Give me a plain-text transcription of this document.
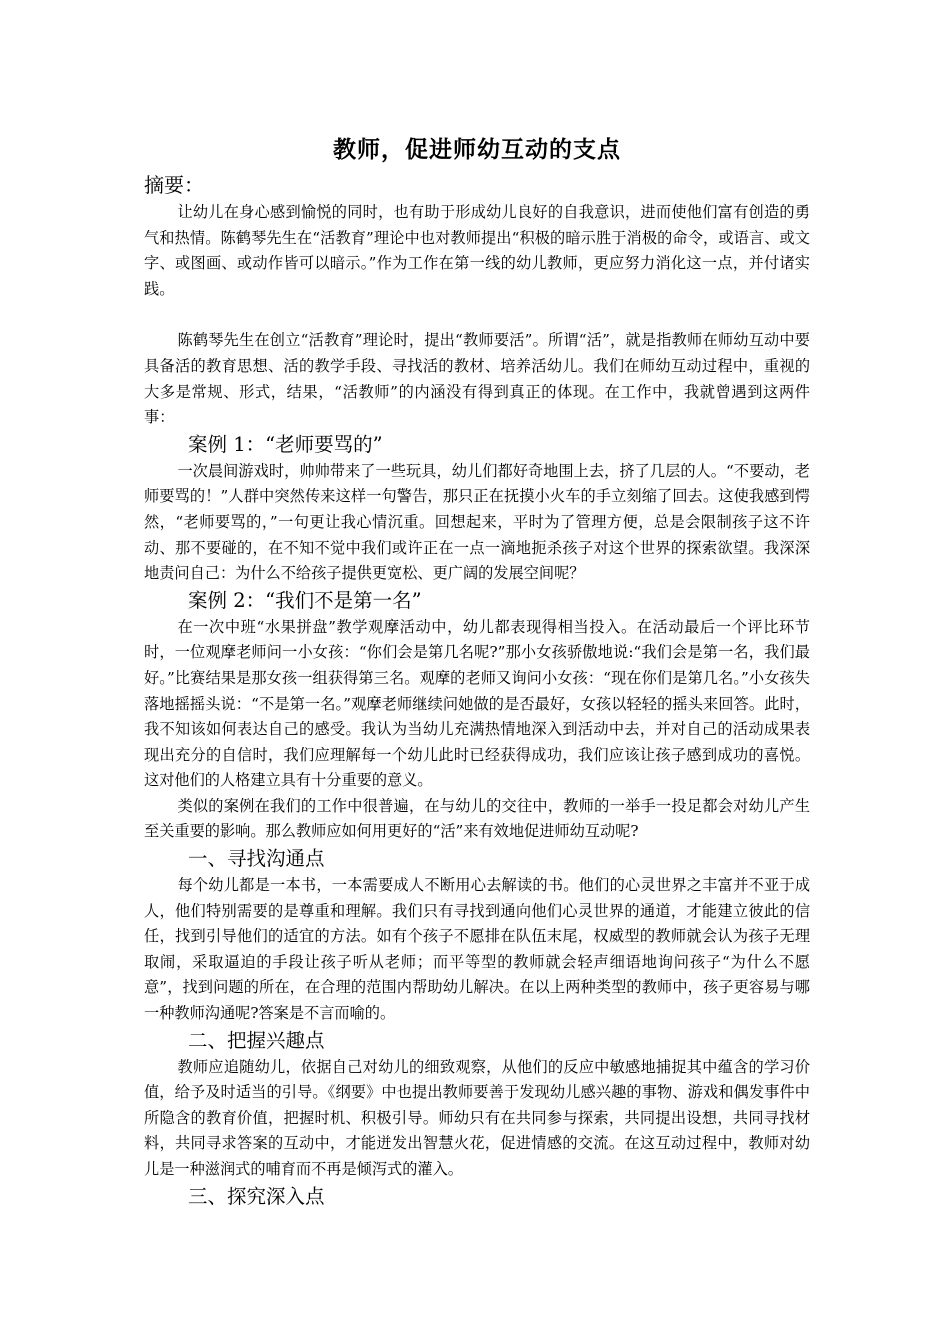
教师，促进师幼互动的支点
摘要：

让幼儿在身心感到愉悦的同时，也有助于形成幼儿良好的自我意识，进而使他们富有创造的勇气和热情。陈鹤琴先生在“活教育”理论中也对教师提出“积极的暗示胜于消极的命令，或语言、或文字、或图画、或动作皆可以暗示。”作为工作在第一线的幼儿教师，更应努力消化这一点，并付诸实践。

陈鹤琴先生在创立“活教育”理论时，提出“教师要活”。所谓“活”，就是指教师在师幼互动中要具备活的教育思想、活的教学手段、寻找活的教材、培养活幼儿。我们在师幼互动过程中，重视的大多是常规、形式，结果，“活教师”的内涵没有得到真正的体现。在工作中，我就曾遇到这两件事：

案例 1：“老师要骂的”

一次晨间游戏时，帅帅带来了一些玩具，幼儿们都好奇地围上去，挤了几层的人。“不要动，老师要骂的！”人群中突然传来这样一句警告，那只正在抚摸小火车的手立刻缩了回去。这使我感到愕然，“老师要骂的，”一句更让我心情沉重。回想起来，平时为了管理方便，总是会限制孩子这不许动、那不要碰的，在不知不觉中我们或许正在一点一滴地扼杀孩子对这个世界的探索欲望。我深深地责问自己：为什么不给孩子提供更宽松、更广阔的发展空间呢？

案例 2：“我们不是第一名”

在一次中班“水果拼盘”教学观摩活动中，幼儿都表现得相当投入。在活动最后一个评比环节时，一位观摩老师问一小女孩：“你们会是第几名呢?”那小女孩骄傲地说:“我们会是第一名，我们最好。”比赛结果是那女孩一组获得第三名。观摩的老师又询问小女孩：“现在你们是第几名。”小女孩失落地摇摇头说：“不是第一名。”观摩老师继续问她做的是否最好，女孩以轻轻的摇头来回答。此时，我不知该如何表达自己的感受。我认为当幼儿充满热情地深入到活动中去，并对自己的活动成果表现出充分的自信时，我们应理解每一个幼儿此时已经获得成功，我们应该让孩子感到成功的喜悦。这对他们的人格建立具有十分重要的意义。

类似的案例在我们的工作中很普遍，在与幼儿的交往中，教师的一举手一投足都会对幼儿产生至关重要的影响。那么教师应如何用更好的“活”来有效地促进师幼互动呢?

一、寻找沟通点

每个幼儿都是一本书，一本需要成人不断用心去解读的书。他们的心灵世界之丰富并不亚于成人，他们特别需要的是尊重和理解。我们只有寻找到通向他们心灵世界的通道，才能建立彼此的信任，找到引导他们的适宜的方法。如有个孩子不愿排在队伍末尾，权威型的教师就会认为孩子无理取闹，采取逼迫的手段让孩子听从老师；而平等型的教师就会轻声细语地询问孩子“为什么不愿意”，找到问题的所在，在合理的范围内帮助幼儿解决。在以上两种类型的教师中，孩子更容易与哪一种教师沟通呢?答案是不言而喻的。

二、把握兴趣点

教师应追随幼儿，依据自己对幼儿的细致观察，从他们的反应中敏感地捕捉其中蕴含的学习价值，给予及时适当的引导。《纲要》中也提出教师要善于发现幼儿感兴趣的事物、游戏和偶发事件中所隐含的教育价值，把握时机、积极引导。师幼只有在共同参与探索，共同提出设想，共同寻找材料，共同寻求答案的互动中，才能迸发出智慧火花，促进情感的交流。在这互动过程中，教师对幼儿是一种滋润式的哺育而不再是倾泻式的灌入。

三、探究深入点
